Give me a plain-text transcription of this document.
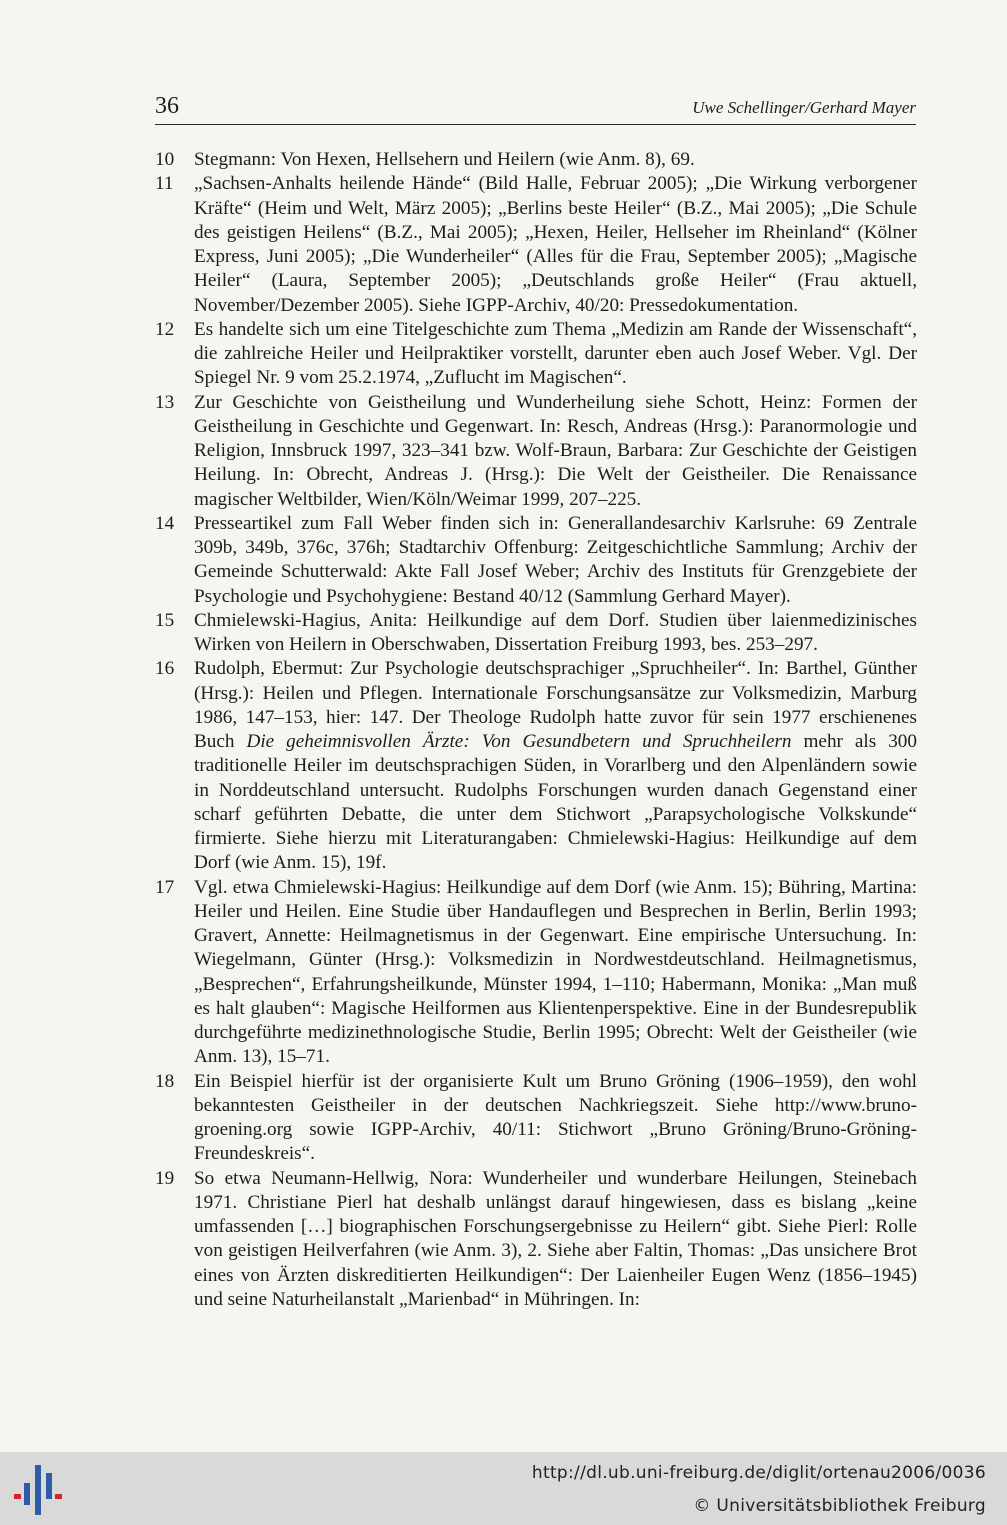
36	Uwe Schellinger/Gerhard Mayer
10	Stegmann: Von Hexen, Hellsehern und Heilern (wie Anm. 8), 69.
11	„Sachsen-Anhalts heilende Hände“ (Bild Halle, Februar 2005); „Die Wirkung verborgener Kräfte“ (Heim und Welt, März 2005); „Berlins beste Heiler“ (B.Z., Mai 2005); „Die Schule des geistigen Heilens“ (B.Z., Mai 2005); „Hexen, Heiler, Hellseher im Rheinland“ (Kölner Express, Juni 2005); „Die Wunderheiler“ (Alles für die Frau, September 2005); „Magische Heiler“ (Laura, September 2005); „Deutschlands große Heiler“ (Frau aktuell, November/Dezember 2005). Siehe IGPP-Archiv, 40/20: Pressedokumentation.
12	Es handelte sich um eine Titelgeschichte zum Thema „Medizin am Rande der Wissenschaft“, die zahlreiche Heiler und Heilpraktiker vorstellt, darunter eben auch Josef Weber. Vgl. Der Spiegel Nr. 9 vom 25.2.1974, „Zuflucht im Magischen“.
13	Zur Geschichte von Geistheilung und Wunderheilung siehe Schott, Heinz: Formen der Geistheilung in Geschichte und Gegenwart. In: Resch, Andreas (Hrsg.): Paranormologie und Religion, Innsbruck 1997, 323–341 bzw. Wolf-Braun, Barbara: Zur Geschichte der Geistigen Heilung. In: Obrecht, Andreas J. (Hrsg.): Die Welt der Geistheiler. Die Renaissance magischer Weltbilder, Wien/Köln/Weimar 1999, 207–225.
14	Presseartikel zum Fall Weber finden sich in: Generallandesarchiv Karlsruhe: 69 Zentrale 309b, 349b, 376c, 376h; Stadtarchiv Offenburg: Zeitgeschichtliche Sammlung; Archiv der Gemeinde Schutterwald: Akte Fall Josef Weber; Archiv des Instituts für Grenzgebiete der Psychologie und Psychohygiene: Bestand 40/12 (Sammlung Gerhard Mayer).
15	Chmielewski-Hagius, Anita: Heilkundige auf dem Dorf. Studien über laienmedizinisches Wirken von Heilern in Oberschwaben, Dissertation Freiburg 1993, bes. 253–297.
16	Rudolph, Ebermut: Zur Psychologie deutschsprachiger „Spruchheiler“. In: Barthel, Günther (Hrsg.): Heilen und Pflegen. Internationale Forschungsansätze zur Volksmedizin, Marburg 1986, 147–153, hier: 147. Der Theologe Rudolph hatte zuvor für sein 1977 erschienenes Buch Die geheimnisvollen Ärzte: Von Gesundbetern und Spruchheilern mehr als 300 traditionelle Heiler im deutschsprachigen Süden, in Vorarlberg und den Alpenländern sowie in Norddeutschland untersucht. Rudolphs Forschungen wurden danach Gegenstand einer scharf geführten Debatte, die unter dem Stichwort „Parapsychologische Volkskunde“ firmierte. Siehe hierzu mit Literaturangaben: Chmielewski-Hagius: Heilkundige auf dem Dorf (wie Anm. 15), 19f.
17	Vgl. etwa Chmielewski-Hagius: Heilkundige auf dem Dorf (wie Anm. 15); Bühring, Martina: Heiler und Heilen. Eine Studie über Handauflegen und Besprechen in Berlin, Berlin 1993; Gravert, Annette: Heilmagnetismus in der Gegenwart. Eine empirische Untersuchung. In: Wiegelmann, Günter (Hrsg.): Volksmedizin in Nordwestdeutschland. Heilmagnetismus, „Besprechen“, Erfahrungsheilkunde, Münster 1994, 1–110; Habermann, Monika: „Man muß es halt glauben“: Magische Heilformen aus Klientenperspektive. Eine in der Bundesrepublik durchgeführte medizinethnologische Studie, Berlin 1995; Obrecht: Welt der Geistheiler (wie Anm. 13), 15–71.
18	Ein Beispiel hierfür ist der organisierte Kult um Bruno Gröning (1906–1959), den wohl bekanntesten Geistheiler in der deutschen Nachkriegszeit. Siehe http://www.bruno-groening.org sowie IGPP-Archiv, 40/11: Stichwort „Bruno Gröning/Bruno-Gröning-Freundeskreis“.
19	So etwa Neumann-Hellwig, Nora: Wunderheiler und wunderbare Heilungen, Steinebach 1971. Christiane Pierl hat deshalb unlängst darauf hingewiesen, dass es bislang „keine umfassenden […] biographischen Forschungsergebnisse zu Heilern“ gibt. Siehe Pierl: Rolle von geistigen Heilverfahren (wie Anm. 3), 2. Siehe aber Faltin, Thomas: „Das unsichere Brot eines von Ärzten diskreditierten Heilkundigen“: Der Laienheiler Eugen Wenz (1856–1945) und seine Naturheilanstalt „Marienbad“ in Mühringen. In:
http://dl.ub.uni-freiburg.de/diglit/ortenau2006/0036
© Universitätsbibliothek Freiburg
